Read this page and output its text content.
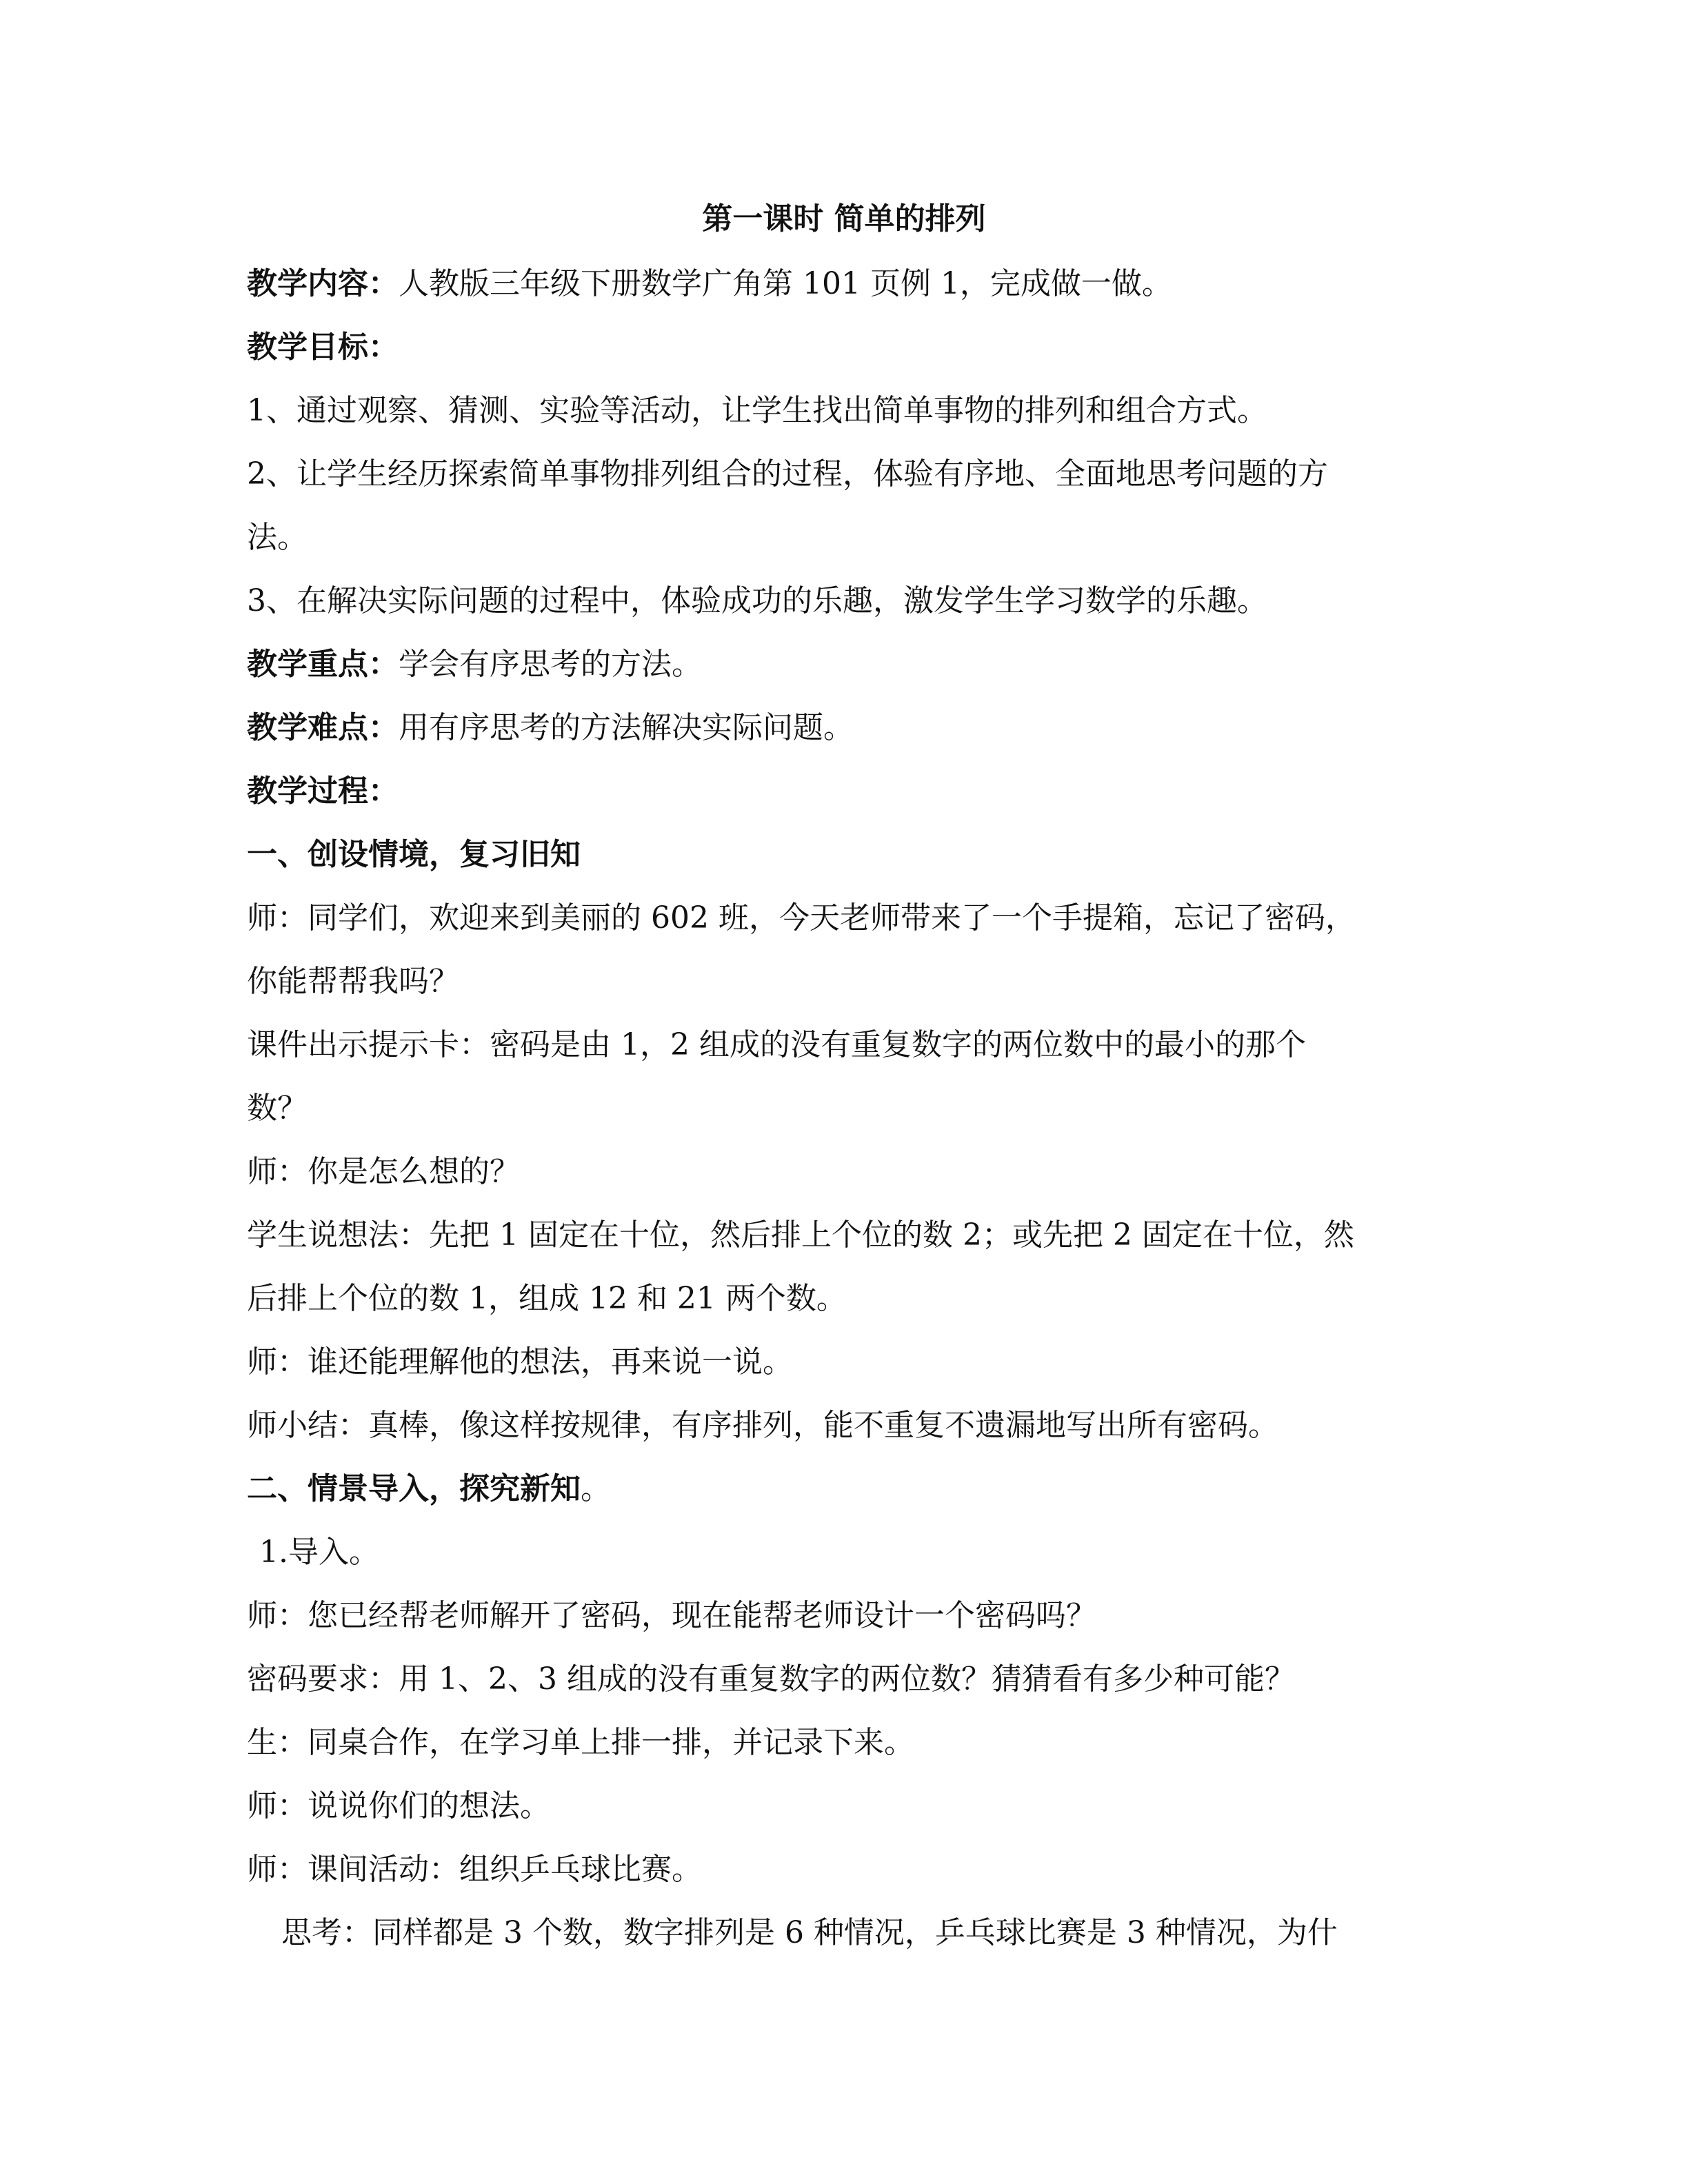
第一课时 简单的排列
教学内容：人教版三年级下册数学广角第 101 页例 1，完成做一做。
教学目标：
1、通过观察、猜测、实验等活动，让学生找出简单事物的排列和组合方式。
2、让学生经历探索简单事物排列组合的过程，体验有序地、全面地思考问题的方
法。
3、在解决实际问题的过程中，体验成功的乐趣，激发学生学习数学的乐趣。
教学重点：学会有序思考的方法。
教学难点：用有序思考的方法解决实际问题。
教学过程：
一、创设情境，复习旧知
师：同学们，欢迎来到美丽的 602 班，今天老师带来了一个手提箱，忘记了密码，
你能帮帮我吗？
课件出示提示卡：密码是由 1，2 组成的没有重复数字的两位数中的最小的那个
数？
师：你是怎么想的？
学生说想法：先把 1 固定在十位，然后排上个位的数 2；或先把 2 固定在十位，然
后排上个位的数 1，组成 12 和 21 两个数。
师：谁还能理解他的想法，再来说一说。
师小结：真棒，像这样按规律，有序排列，能不重复不遗漏地写出所有密码。
二、情景导入，探究新知。
1.导入。
师：您已经帮老师解开了密码，现在能帮老师设计一个密码吗？
密码要求：用 1、2、3 组成的没有重复数字的两位数？猜猜看有多少种可能？
生：同桌合作，在学习单上排一排，并记录下来。
师：说说你们的想法。
师：课间活动：组织乒乓球比赛。
思考：同样都是 3 个数，数字排列是 6 种情况，乒乓球比赛是 3 种情况，为什
